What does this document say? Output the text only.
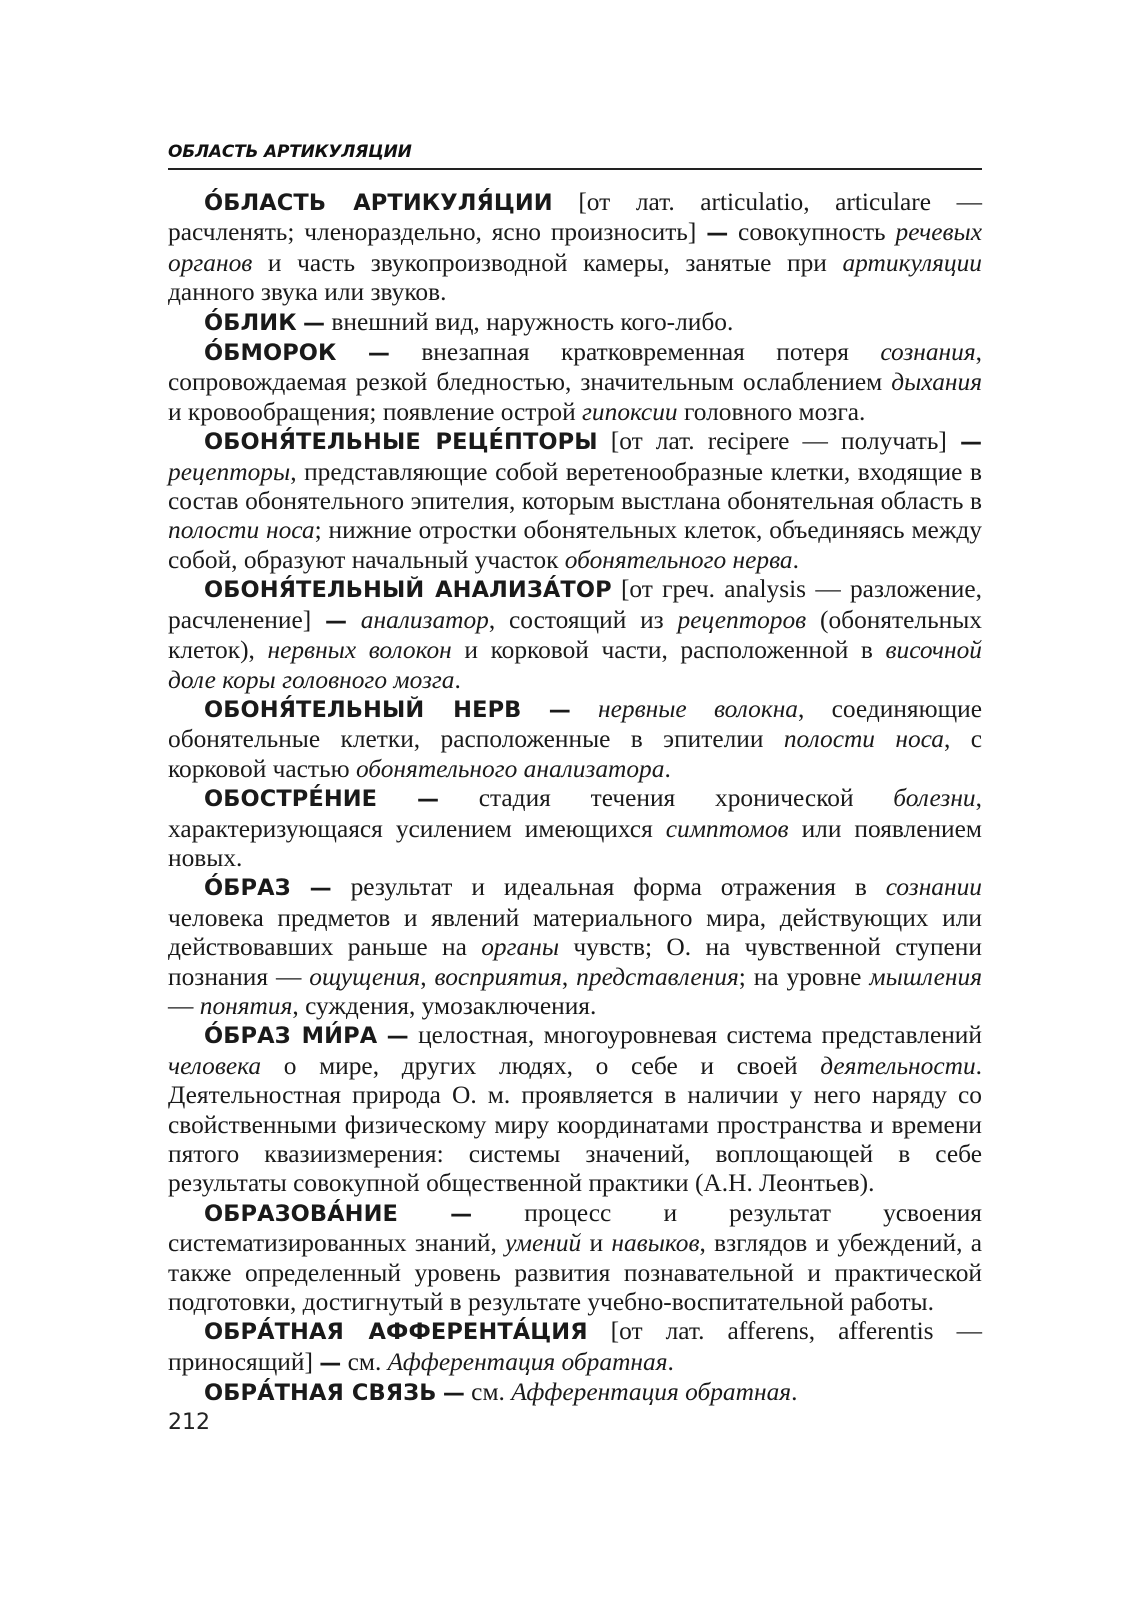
ОБЛАСТЬ АРТИКУЛЯЦИИ

О́БЛАСТЬ АРТИКУЛЯ́ЦИИ [от лат. articulatio, articulare — расчленять; членораздельно, ясно произносить] — совокупность речевых органов и часть звукопроизводной камеры, занятые при артикуляции данного звука или звуков.

О́БЛИК — внешний вид, наружность кого-либо.

О́БМОРОК — внезапная кратковременная потеря сознания, сопровождаемая резкой бледностью, значительным ослаблением дыхания и кровообращения; появление острой гипоксии головного мозга.

ОБОНЯ́ТЕЛЬНЫЕ РЕЦЕ́ПТОРЫ [от лат. recipere — получать] — рецепторы, представляющие собой веретенообразные клетки, входящие в состав обонятельного эпителия, которым выстлана обонятельная область в полости носа; нижние отростки обонятельных клеток, объединяясь между собой, образуют начальный участок обонятельного нерва.

ОБОНЯ́ТЕЛЬНЫЙ АНАЛИЗА́ТОР [от греч. analysis — разложение, расчленение] — анализатор, состоящий из рецепторов (обонятельных клеток), нервных волокон и корковой части, расположенной в височной доле коры головного мозга.

ОБОНЯ́ТЕЛЬНЫЙ НЕРВ — нервные волокна, соединяющие обонятельные клетки, расположенные в эпителии полости носа, с корковой частью обонятельного анализатора.

ОБОСТРЕ́НИЕ — стадия течения хронической болезни, характеризующаяся усилением имеющихся симптомов или появлением новых.

О́БРАЗ — результат и идеальная форма отражения в сознании человека предметов и явлений материального мира, действующих или действовавших раньше на органы чувств; О. на чувственной ступени познания — ощущения, восприятия, представления; на уровне мышления — понятия, суждения, умозаключения.

О́БРАЗ МИ́РА — целостная, многоуровневая система представлений человека о мире, других людях, о себе и своей деятельности. Деятельностная природа О. м. проявляется в наличии у него наряду со свойственными физическому миру координатами пространства и времени пятого квазиизмерения: системы значений, воплощающей в себе результаты совокупной общественной практики (А.Н. Леонтьев).

ОБРАЗОВА́НИЕ — процесс и результат усвоения систематизированных знаний, умений и навыков, взглядов и убеждений, а также определенный уровень развития познавательной и практической подготовки, достигнутый в результате учебно-воспитательной работы.

ОБРА́ТНАЯ АФФЕРЕНТА́ЦИЯ [от лат. afferens, afferentis — приносящий] — см. Афферентация обратная.

ОБРА́ТНАЯ СВЯЗЬ — см. Афферентация обратная.

212
